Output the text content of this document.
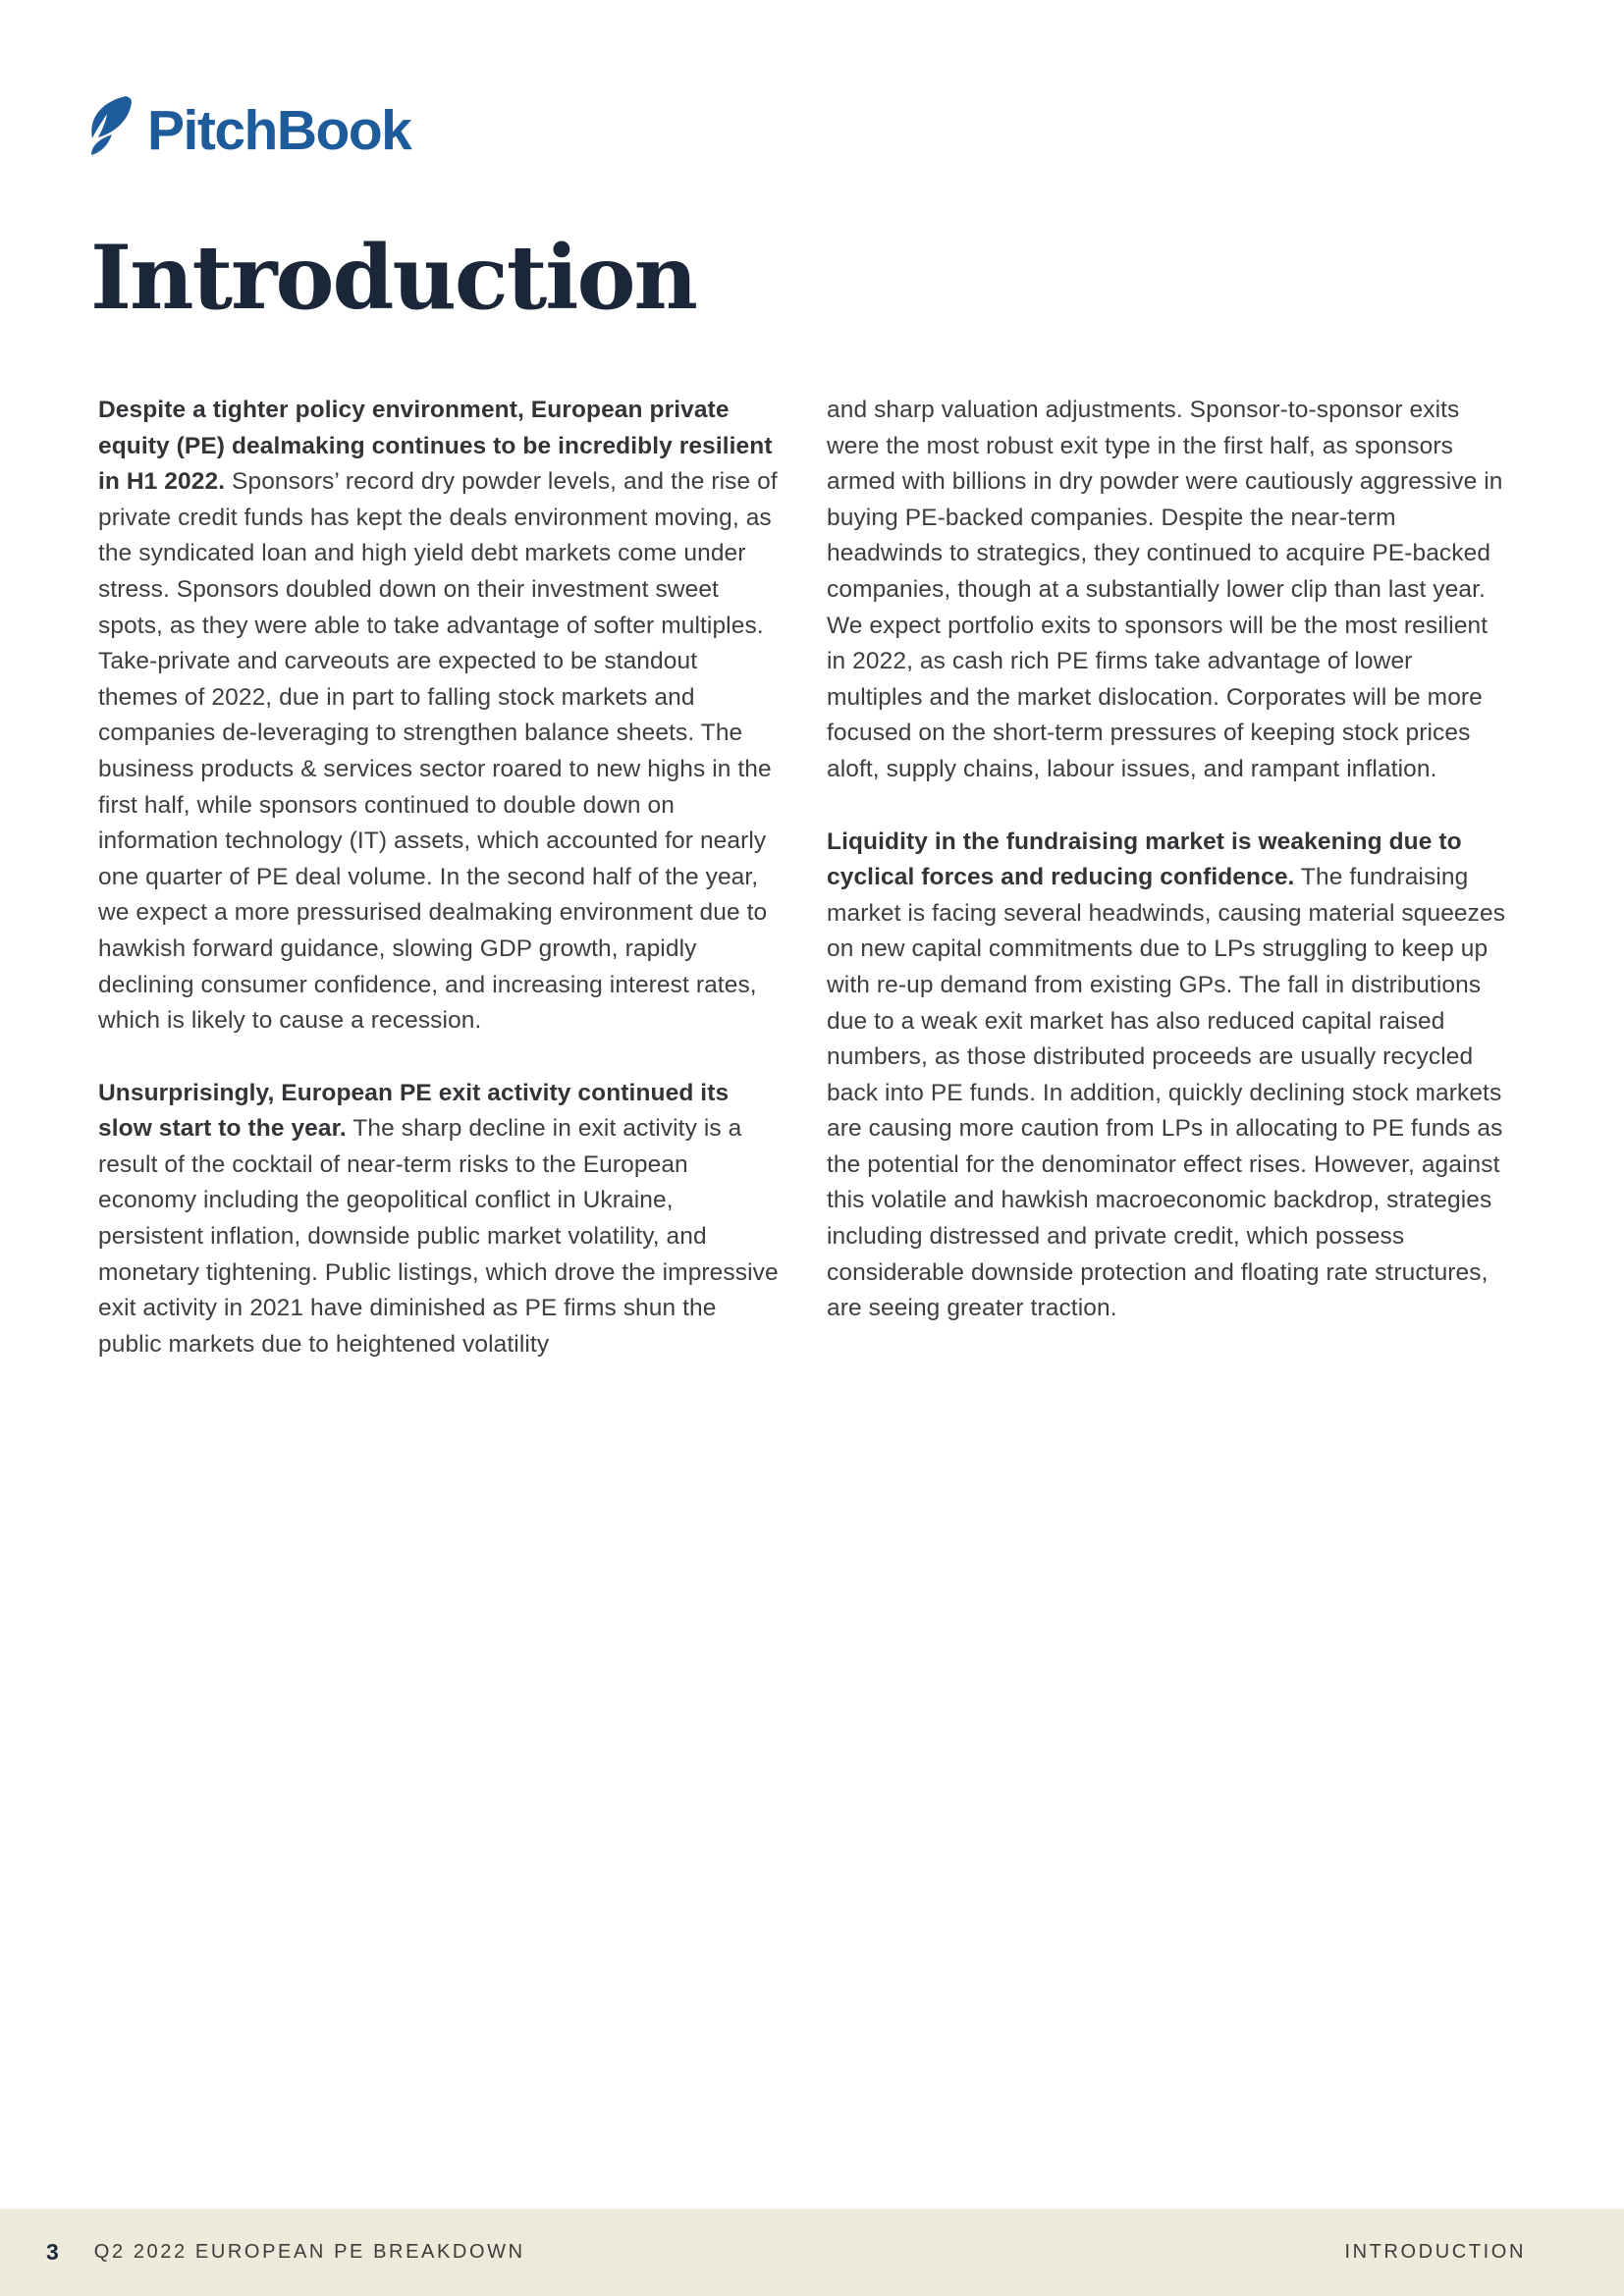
PitchBook
Introduction

Despite a tighter policy environment, European private equity (PE) dealmaking continues to be incredibly resilient in H1 2022. Sponsors’ record dry powder levels, and the rise of private credit funds has kept the deals environment moving, as the syndicated loan and high yield debt markets come under stress. Sponsors doubled down on their investment sweet spots, as they were able to take advantage of softer multiples. Take-private and carveouts are expected to be standout themes of 2022, due in part to falling stock markets and companies de-leveraging to strengthen balance sheets. The business products & services sector roared to new highs in the first half, while sponsors continued to double down on information technology (IT) assets, which accounted for nearly one quarter of PE deal volume. In the second half of the year, we expect a more pressurised dealmaking environment due to hawkish forward guidance, slowing GDP growth, rapidly declining consumer confidence, and increasing interest rates, which is likely to cause a recession.

Unsurprisingly, European PE exit activity continued its slow start to the year. The sharp decline in exit activity is a result of the cocktail of near-term risks to the European economy including the geopolitical conflict in Ukraine, persistent inflation, downside public market volatility, and monetary tightening. Public listings, which drove the impressive exit activity in 2021 have diminished as PE firms shun the public markets due to heightened volatility

and sharp valuation adjustments. Sponsor-to-sponsor exits were the most robust exit type in the first half, as sponsors armed with billions in dry powder were cautiously aggressive in buying PE-backed companies. Despite the near-term headwinds to strategics, they continued to acquire PE-backed companies, though at a substantially lower clip than last year. We expect portfolio exits to sponsors will be the most resilient in 2022, as cash rich PE firms take advantage of lower multiples and the market dislocation. Corporates will be more focused on the short-term pressures of keeping stock prices aloft, supply chains, labour issues, and rampant inflation.

Liquidity in the fundraising market is weakening due to cyclical forces and reducing confidence. The fundraising market is facing several headwinds, causing material squeezes on new capital commitments due to LPs struggling to keep up with re-up demand from existing GPs. The fall in distributions due to a weak exit market has also reduced capital raised numbers, as those distributed proceeds are usually recycled back into PE funds. In addition, quickly declining stock markets are causing more caution from LPs in allocating to PE funds as the potential for the denominator effect rises. However, against this volatile and hawkish macroeconomic backdrop, strategies including distressed and private credit, which possess considerable downside protection and floating rate structures, are seeing greater traction.

3 Q2 2022 EUROPEAN PE BREAKDOWN	INTRODUCTION
